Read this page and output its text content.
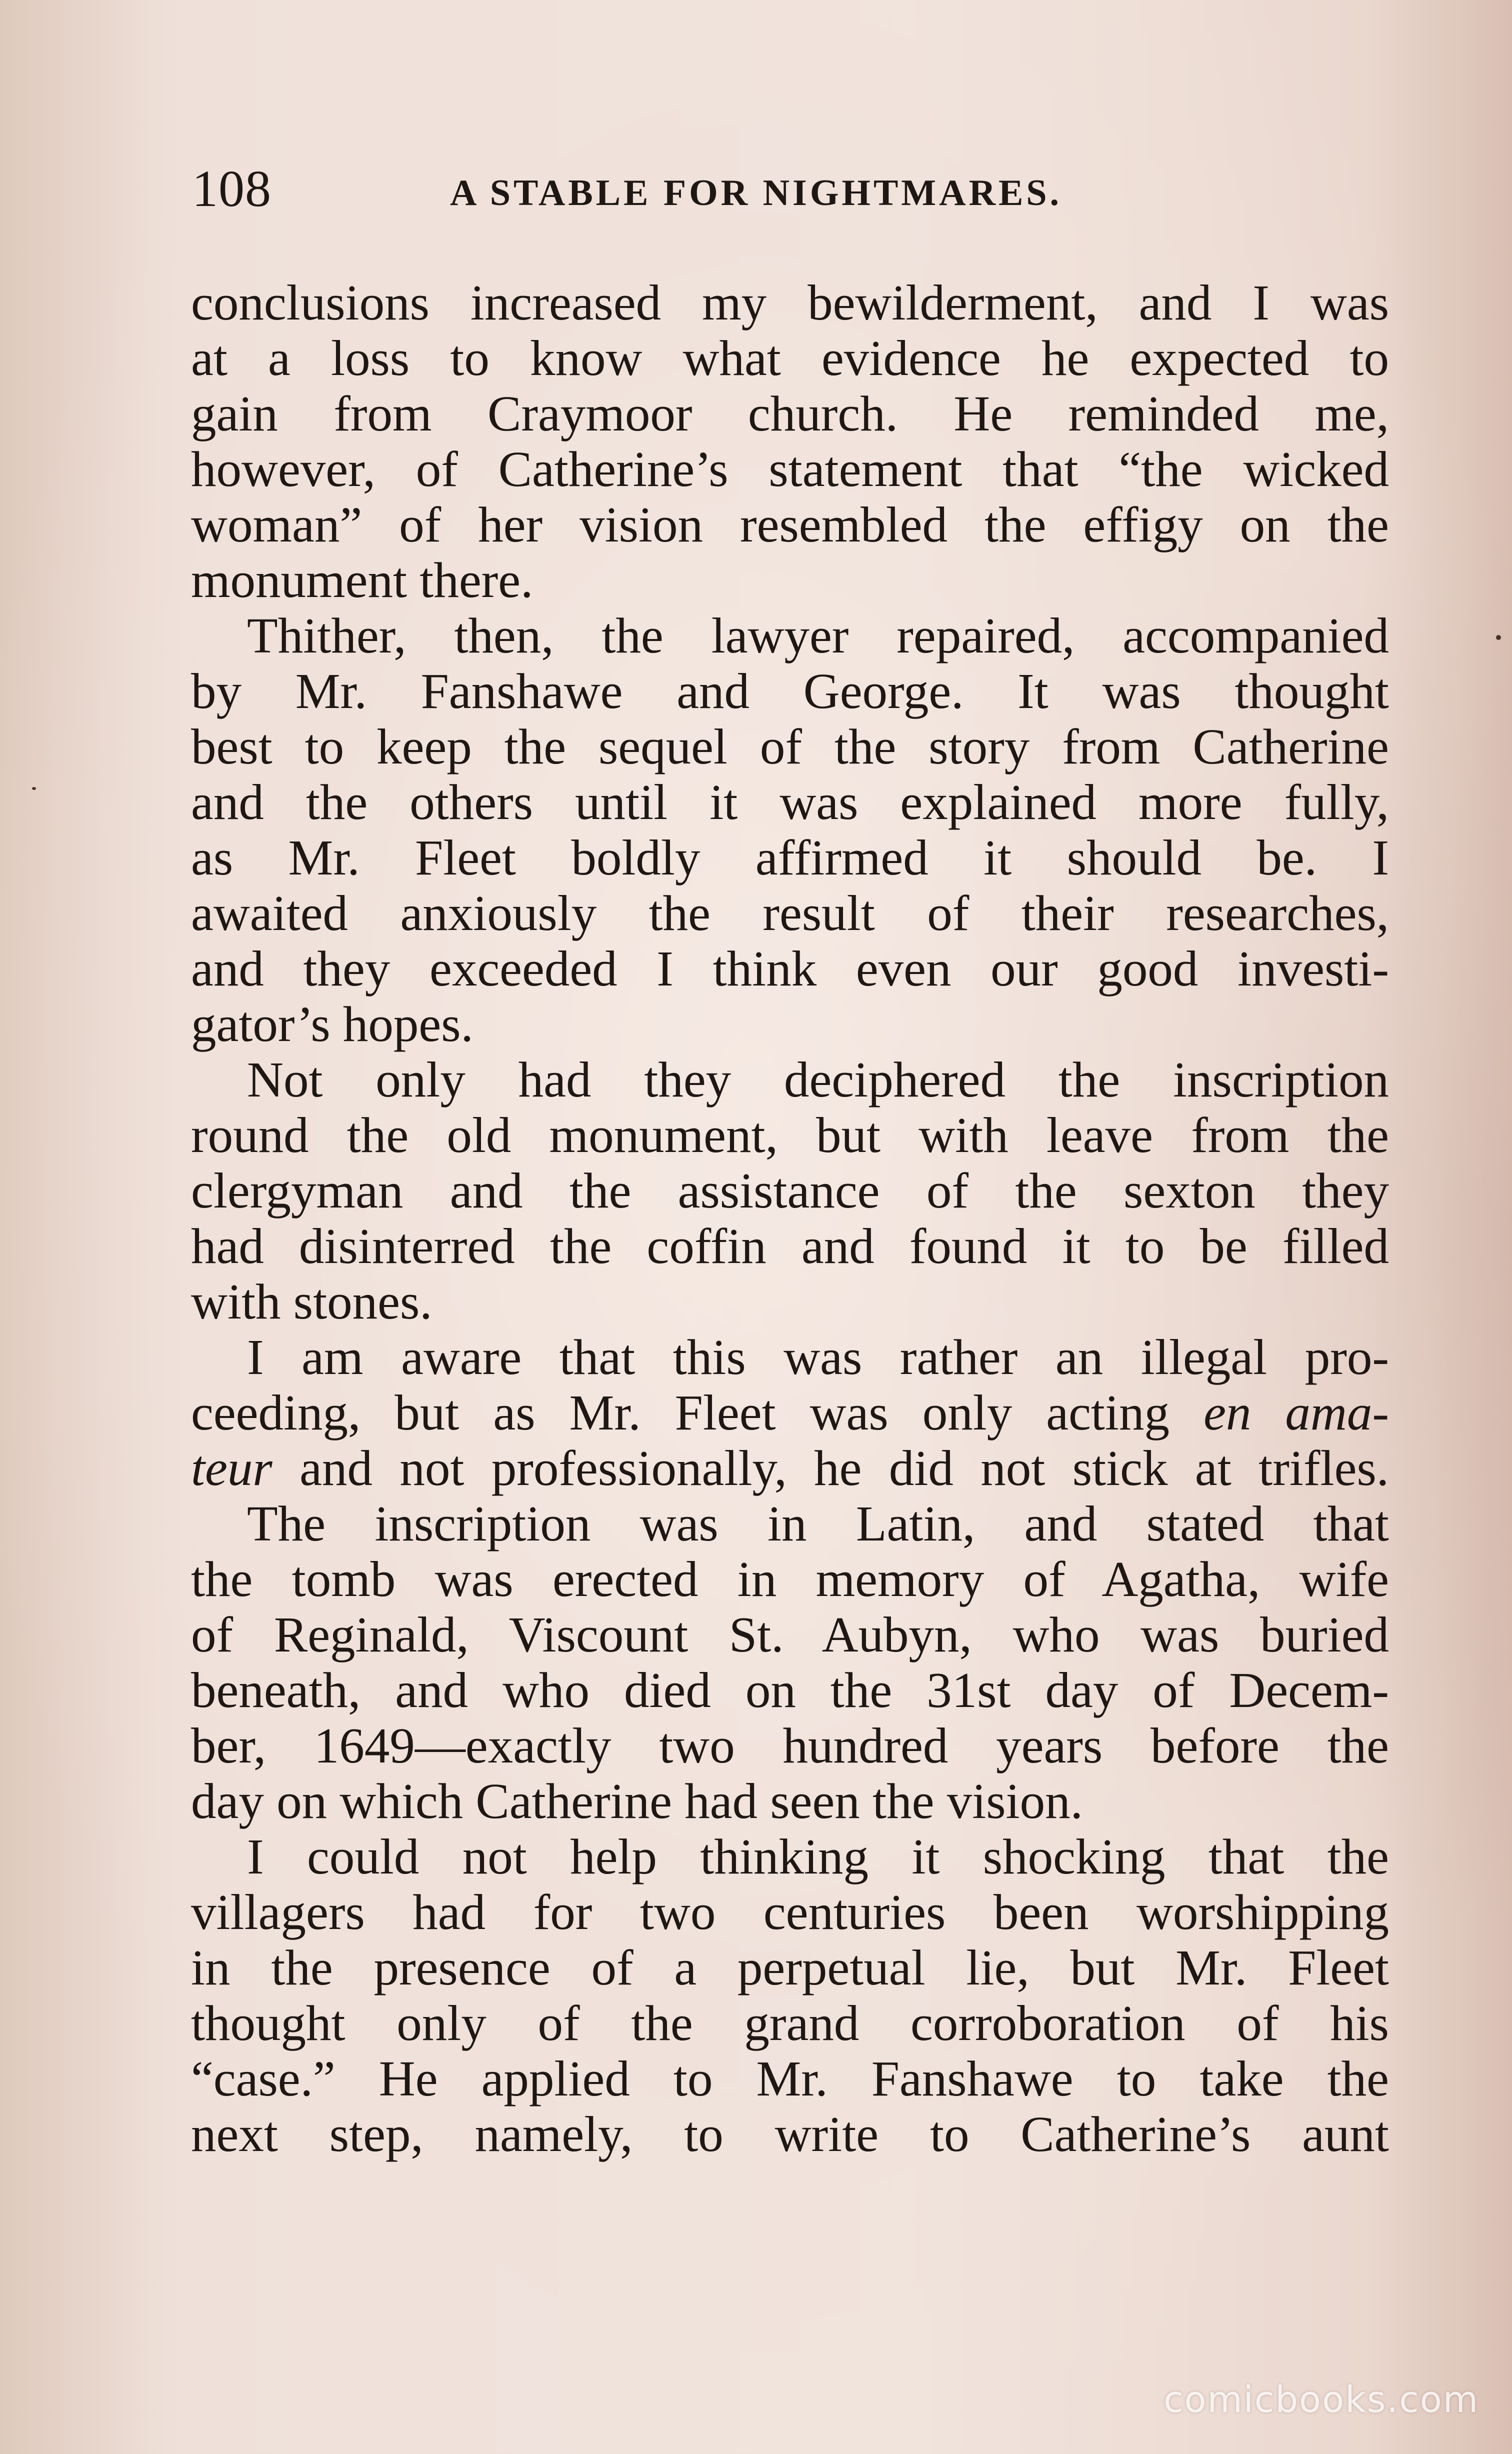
108	A STABLE FOR NIGHTMARES.
conclusions increased my bewilderment, and I was
at a loss to know what evidence he expected to
gain from Craymoor church. He reminded me,
however, of Catherine’s statement that “the wicked
woman” of her vision resembled the effigy on the
monument there.
Thither, then, the lawyer repaired, accompanied
by Mr. Fanshawe and George. It was thought
best to keep the sequel of the story from Catherine
and the others until it was explained more fully,
as Mr. Fleet boldly affirmed it should be. I
awaited anxiously the result of their researches,
and they exceeded I think even our good investi-
gator’s hopes.
Not only had they deciphered the inscription
round the old monument, but with leave from the
clergyman and the assistance of the sexton they
had disinterred the coffin and found it to be filled
with stones.
I am aware that this was rather an illegal pro-
ceeding, but as Mr. Fleet was only acting en ama-
teur and not professionally, he did not stick at trifles.
The inscription was in Latin, and stated that
the tomb was erected in memory of Agatha, wife
of Reginald, Viscount St. Aubyn, who was buried
beneath, and who died on the 31st day of Decem-
ber, 1649—exactly two hundred years before the
day on which Catherine had seen the vision.
I could not help thinking it shocking that the
villagers had for two centuries been worshipping
in the presence of a perpetual lie, but Mr. Fleet
thought only of the grand corroboration of his
“case.” He applied to Mr. Fanshawe to take the
next step, namely, to write to Catherine’s aunt
comicbooks.com
